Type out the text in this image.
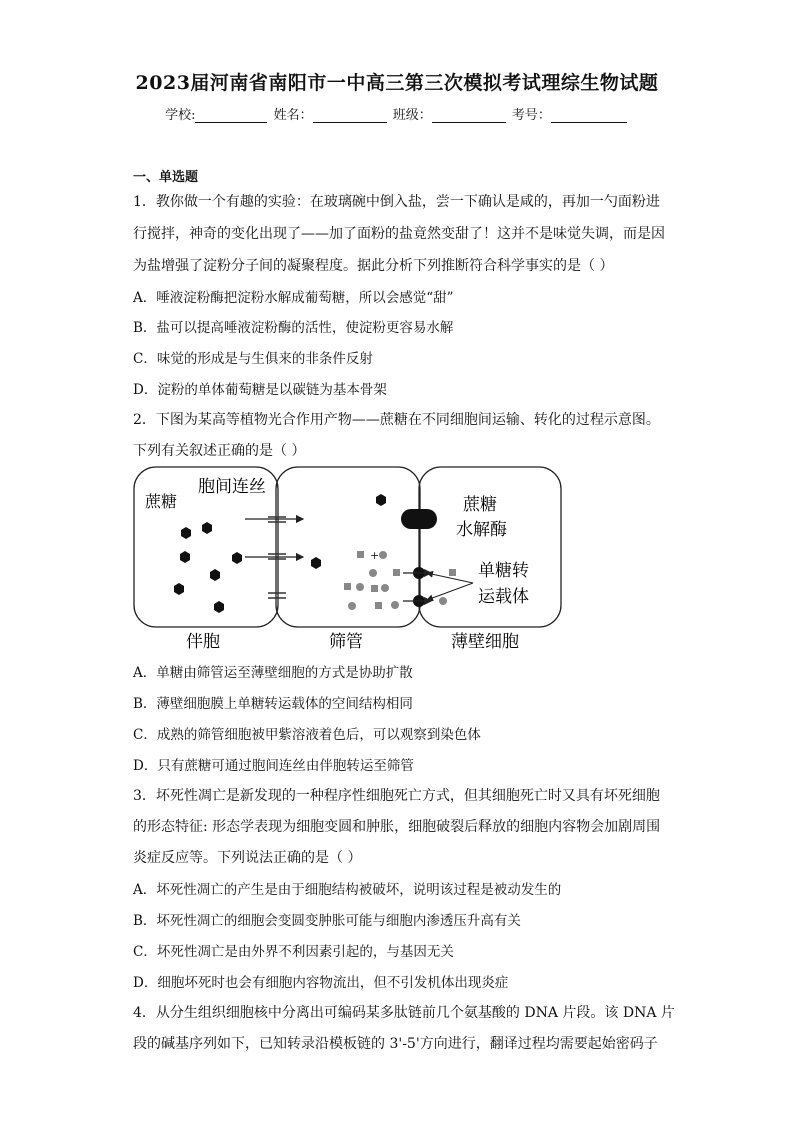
2023届河南省南阳市一中高三第三次模拟考试理综生物试题
学校:	姓名：	班级：	考号：
一、单选题
1．教你做一个有趣的实验：在玻璃碗中倒入盐，尝一下确认是咸的，再加一勺面粉进
行搅拌，神奇的变化出现了——加了面粉的盐竟然变甜了！这并不是味觉失调，而是因
为盐增强了淀粉分子间的凝聚程度。据此分析下列推断符合科学事实的是（ ）
A．唾液淀粉酶把淀粉水解成葡萄糖，所以会感觉“甜”
B．盐可以提高唾液淀粉酶的活性，使淀粉更容易水解
C．味觉的形成是与生俱来的非条件反射
D．淀粉的单体葡萄糖是以碳链为基本骨架
2．下图为某高等植物光合作用产物——蔗糖在不同细胞间运输、转化的过程示意图。
下列有关叙述正确的是（ ）
+
蔗糖
胞间连丝
蔗糖
水解酶
单糖转
运载体
伴胞	筛管	薄壁细胞
A．单糖由筛管运至薄壁细胞的方式是协助扩散
B．薄壁细胞膜上单糖转运载体的空间结构相同
C．成熟的筛管细胞被甲紫溶液着色后，可以观察到染色体
D．只有蔗糖可通过胞间连丝由伴胞转运至筛管
3．坏死性凋亡是新发现的一种程序性细胞死亡方式，但其细胞死亡时又具有坏死细胞
的形态特征: 形态学表现为细胞变圆和肿胀，细胞破裂后释放的细胞内容物会加剧周围
炎症反应等。下列说法正确的是（ ）
A．坏死性凋亡的产生是由于细胞结构被破坏，说明该过程是被动发生的
B．坏死性凋亡的细胞会变圆变肿胀可能与细胞内渗透压升高有关
C．坏死性凋亡是由外界不利因素引起的，与基因无关
D．细胞坏死时也会有细胞内容物流出，但不引发机体出现炎症
4．从分生组织细胞核中分离出可编码某多肽链前几个氨基酸的 DNA 片段。该 DNA 片
段的碱基序列如下，已知转录沿模板链的 3'-5'方向进行，翻译过程均需要起始密码子
